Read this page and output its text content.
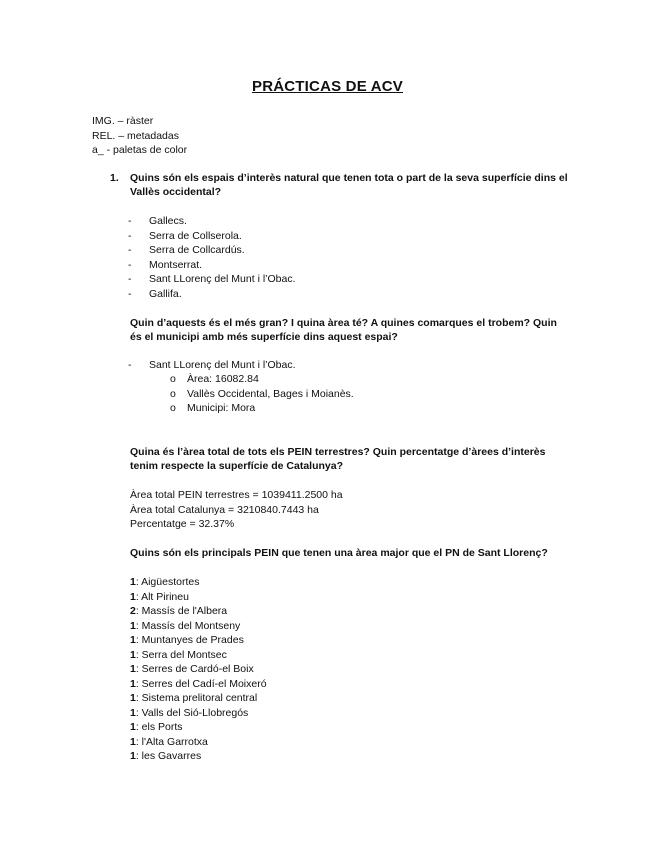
PRÁCTICAS DE ACV
IMG. – ràster
REL. – metadadas
a_ - paletas de color
1. Quins són els espais d’interès natural que tenen tota o part de la seva superfície dins el Vallès occidental?
- Gallecs.
- Serra de Collserola.
- Serra de Collcardús.
- Montserrat.
- Sant LLorenç del Munt i l’Obac.
- Gallifa.
Quin d’aquests és el més gran? I quina àrea té? A quines comarques el trobem? Quin és el municipi amb més superfície dins aquest espai?
- Sant LLorenç del Munt i l’Obac.
o Àrea: 16082.84
o Vallès Occidental, Bages i Moianès.
o Municipi: Mora
Quina és l’àrea total de tots els PEIN terrestres? Quin percentatge d’àrees d’interès tenim respecte la superfície de Catalunya?
Àrea total PEIN terrestres = 1039411.2500 ha
Àrea total Catalunya = 3210840.7443 ha
Percentatge = 32.37%
Quins són els principals PEIN que tenen una àrea major que el PN de Sant Llorenç?
1: Aigüestortes
1: Alt Pirineu
2: Massís de l'Albera
1: Massís del Montseny
1: Muntanyes de Prades
1: Serra del Montsec
1: Serres de Cardó-el Boix
1: Serres del Cadí-el Moixeró
1: Sistema prelitoral central
1: Valls del Sió-Llobregós
1: els Ports
1: l'Alta Garrotxa
1: les Gavarres
